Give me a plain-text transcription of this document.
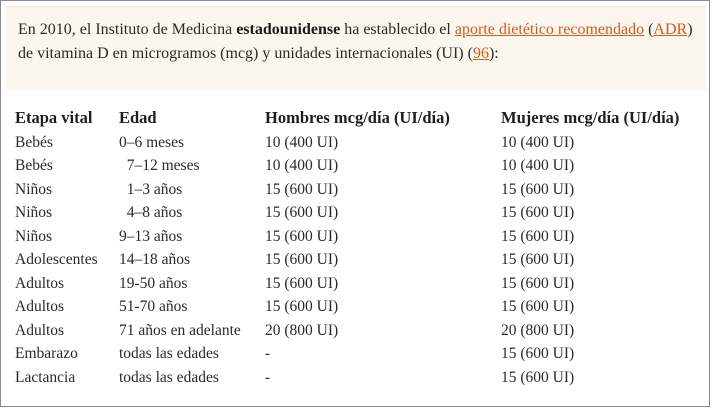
En 2010, el Instituto de Medicina estadounidense ha establecido el aporte dietético recomendado (ADR) de vitamina D en microgramos (mcg) y unidades internacionales (UI) (96):
Etapa vital	Edad	Hombres mcg/día (UI/día)	Mujeres mcg/día (UI/día)
Bebés	0–6 meses	10 (400 UI)	10 (400 UI)
Bebés	7–12 meses	10 (400 UI)	10 (400 UI)
Niños	1–3 años	15 (600 UI)	15 (600 UI)
Niños	4–8 años	15 (600 UI)	15 (600 UI)
Niños	9–13 años	15 (600 UI)	15 (600 UI)
Adolescentes	14–18 años	15 (600 UI)	15 (600 UI)
Adultos	19-50 años	15 (600 UI)	15 (600 UI)
Adultos	51-70 años	15 (600 UI)	15 (600 UI)
Adultos	71 años en adelante	20 (800 UI)	20 (800 UI)
Embarazo	todas las edades	-	15 (600 UI)
Lactancia	todas las edades	-	15 (600 UI)
